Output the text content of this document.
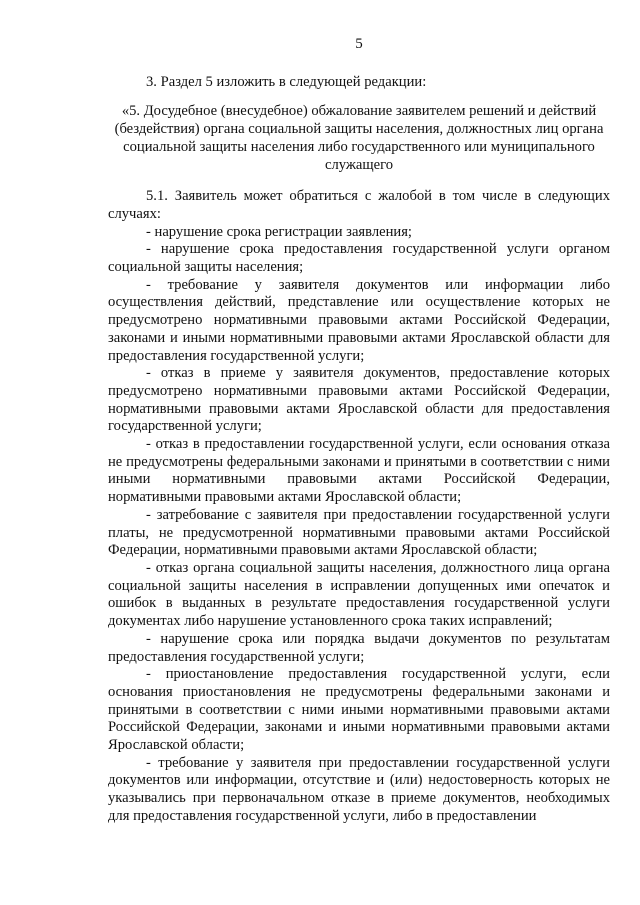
5

3. Раздел 5 изложить в следующей редакции:

«5. Досудебное (внесудебное) обжалование заявителем решений и действий (бездействия) органа социальной защиты населения, должностных лиц органа социальной защиты населения либо государственного или муниципального служащего

5.1. Заявитель может обратиться с жалобой в том числе в следующих случаях:

- нарушение срока регистрации заявления;

- нарушение срока предоставления государственной услуги органом социальной защиты населения;

- требование у заявителя документов или информации либо осуществления действий, представление или осуществление которых не предусмотрено нормативными правовыми актами Российской Федерации, законами и иными нормативными правовыми актами Ярославской области для предоставления государственной услуги;

- отказ в приеме у заявителя документов, предоставление которых предусмотрено нормативными правовыми актами Российской Федерации, нормативными правовыми актами Ярославской области для предоставления государственной услуги;

- отказ в предоставлении государственной услуги, если основания отказа не предусмотрены федеральными законами и принятыми в соответствии с ними иными нормативными правовыми актами Российской Федерации, нормативными правовыми актами Ярославской области;

- затребование с заявителя при предоставлении государственной услуги платы, не предусмотренной нормативными правовыми актами Российской Федерации, нормативными правовыми актами Ярославской области;

- отказ органа социальной защиты населения, должностного лица органа социальной защиты населения в исправлении допущенных ими опечаток и ошибок в выданных в результате предоставления государственной услуги документах либо нарушение установленного срока таких исправлений;

- нарушение срока или порядка выдачи документов по результатам предоставления государственной услуги;

- приостановление предоставления государственной услуги, если основания приостановления не предусмотрены федеральными законами и принятыми в соответствии с ними иными нормативными правовыми актами Российской Федерации, законами и иными нормативными правовыми актами Ярославской области;

- требование у заявителя при предоставлении государственной услуги документов или информации, отсутствие и (или) недостоверность которых не указывались при первоначальном отказе в приеме документов, необходимых для предоставления государственной услуги, либо в предоставлении
